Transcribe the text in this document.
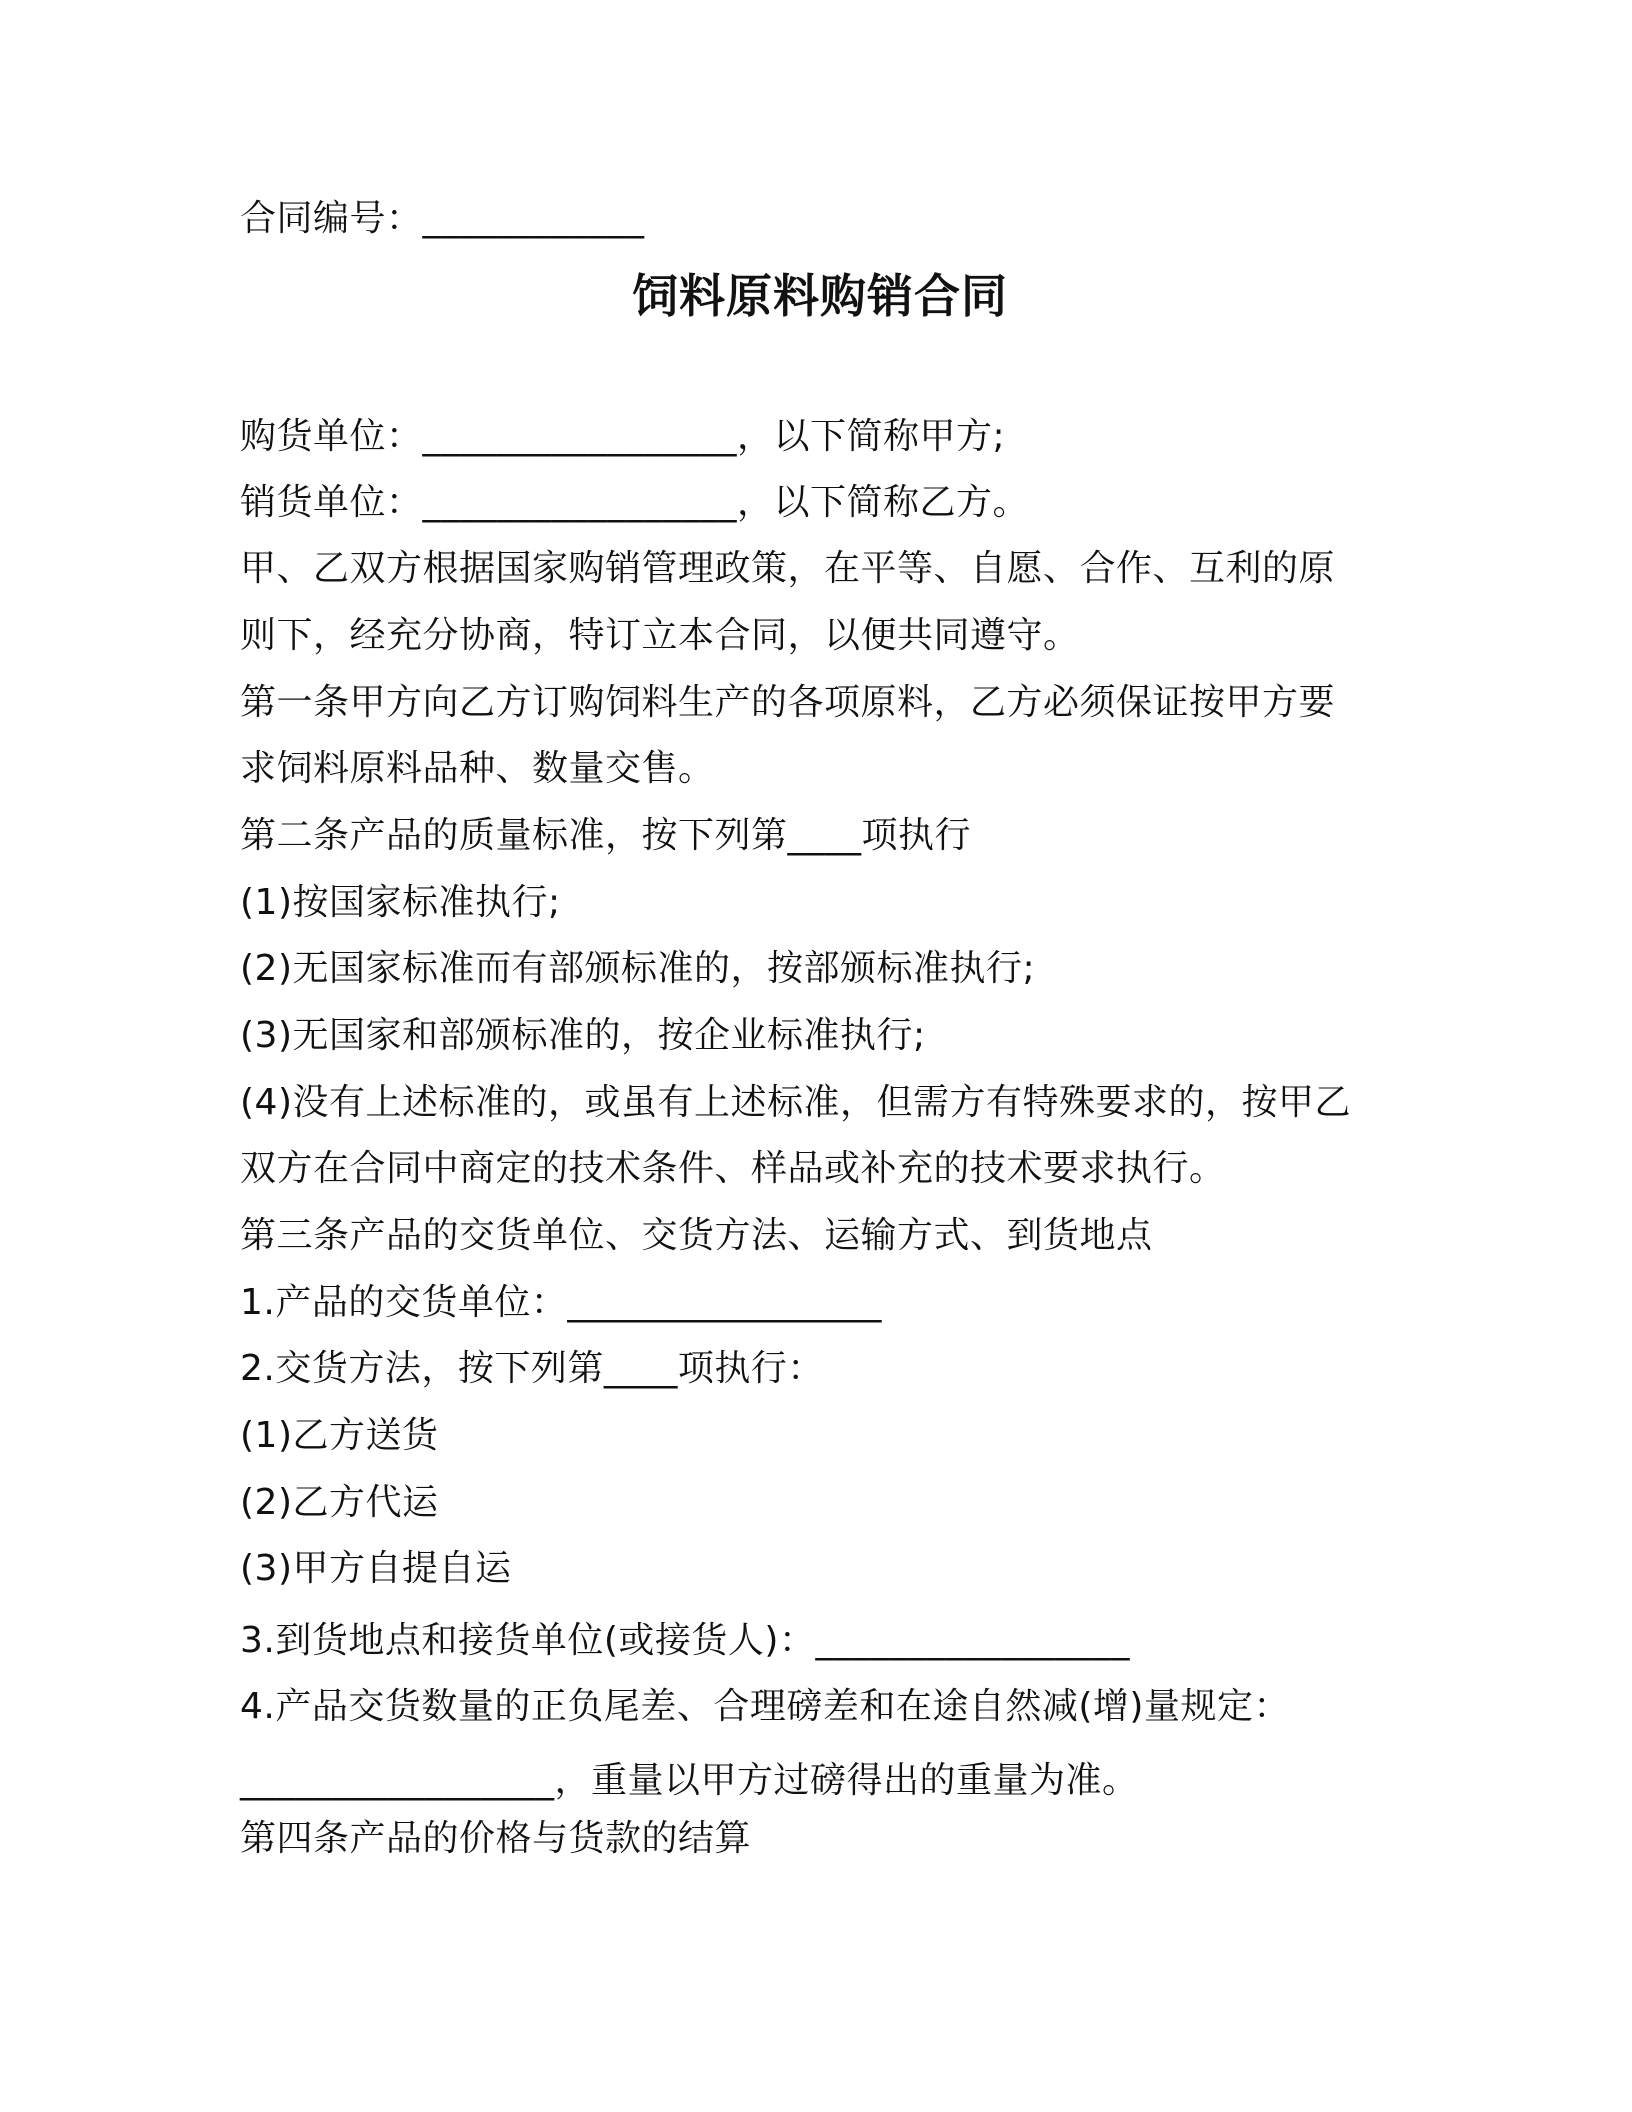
合同编号：____________
饲料原料购销合同
购货单位：_________________，以下简称甲方;
销货单位：_________________，以下简称乙方。
甲、乙双方根据国家购销管理政策，在平等、自愿、合作、互利的原
则下，经充分协商，特订立本合同，以便共同遵守。
第一条甲方向乙方订购饲料生产的各项原料，乙方必须保证按甲方要
求饲料原料品种、数量交售。
第二条产品的质量标准，按下列第____项执行
(1)按国家标准执行;
(2)无国家标准而有部颁标准的，按部颁标准执行;
(3)无国家和部颁标准的，按企业标准执行;
(4)没有上述标准的，或虽有上述标准，但需方有特殊要求的，按甲乙
双方在合同中商定的技术条件、样品或补充的技术要求执行。
第三条产品的交货单位、交货方法、运输方式、到货地点
1.产品的交货单位：_________________
2.交货方法，按下列第____项执行：
(1)乙方送货
(2)乙方代运
(3)甲方自提自运
3.到货地点和接货单位(或接货人)：_________________
4.产品交货数量的正负尾差、合理磅差和在途自然减(增)量规定：
_________________，重量以甲方过磅得出的重量为准。
第四条产品的价格与货款的结算
